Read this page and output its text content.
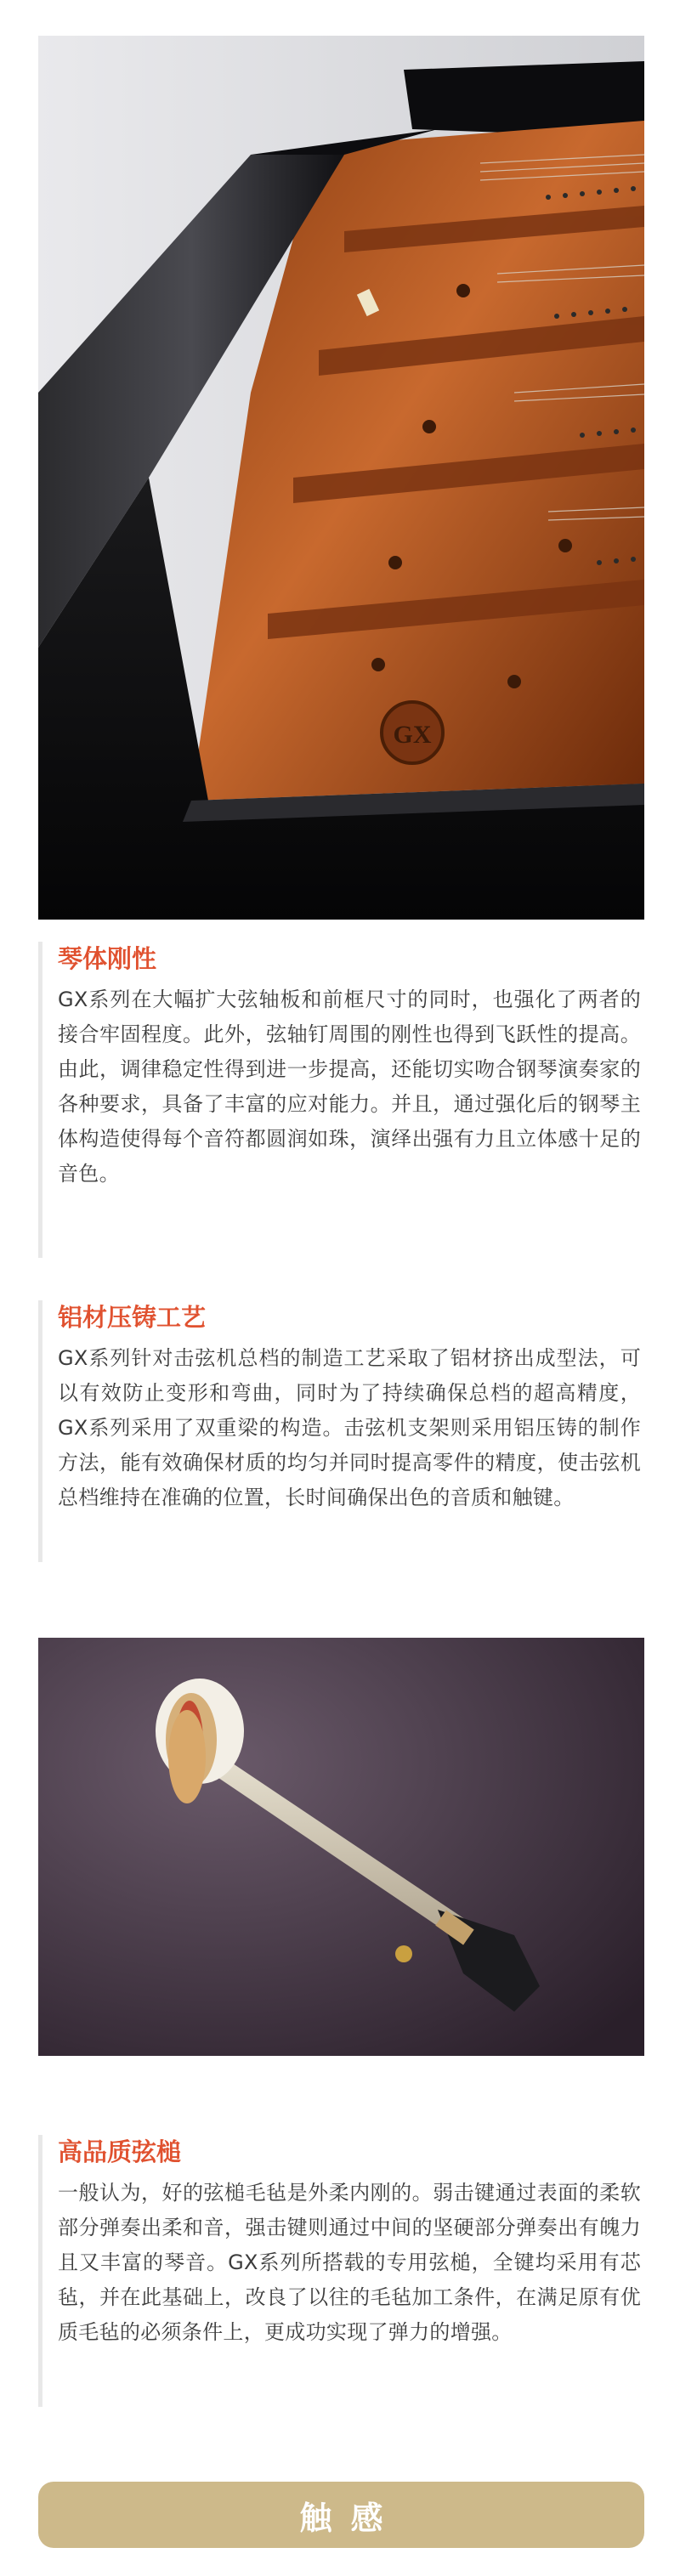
GX
琴体刚性

GX系列在大幅扩大弦轴板和前框尺寸的同时，也强化了两者的接合牢固程度。此外，弦轴钉周围的刚性也得到飞跃性的提高。由此，调律稳定性得到进一步提高，还能切实吻合钢琴演奏家的各种要求，具备了丰富的应对能力。并且，通过强化后的钢琴主体构造使得每个音符都圆润如珠，演绎出强有力且立体感十足的音色。

铝材压铸工艺

GX系列针对击弦机总档的制造工艺采取了铝材挤出成型法，可以有效防止变形和弯曲，同时为了持续确保总档的超高精度，GX系列采用了双重梁的构造。击弦机支架则采用铝压铸的制作方法，能有效确保材质的均匀并同时提高零件的精度，使击弦机总档维持在准确的位置，长时间确保出色的音质和触键。

高品质弦槌

一般认为，好的弦槌毛毡是外柔内刚的。弱击键通过表面的柔软部分弹奏出柔和音，强击键则通过中间的坚硬部分弹奏出有魄力且又丰富的琴音。GX系列所搭载的专用弦槌，全键均采用有芯毡，并在此基础上，改良了以往的毛毡加工条件，在满足原有优质毛毡的必须条件上，更成功实现了弹力的增强。

触感
